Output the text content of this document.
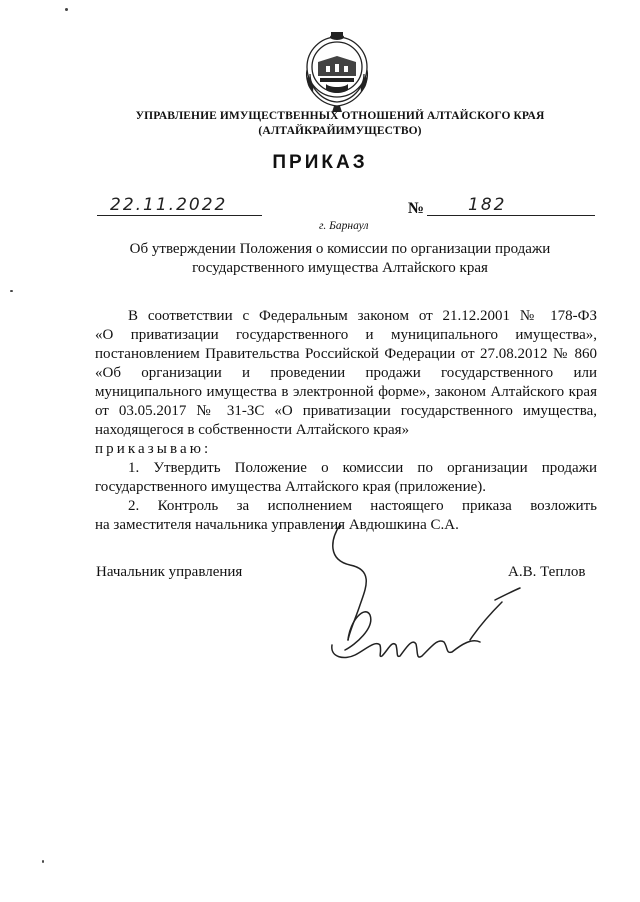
УПРАВЛЕНИЕ ИМУЩЕСТВЕННЫХ ОТНОШЕНИЙ АЛТАЙСКОГО КРАЯ
(АЛТАЙКРАЙИМУЩЕСТВО)
ПРИКАЗ
22.11.2022	№	182
г. Барнаул
Об утверждении Положения о комиссии по организации продажи
государственного имущества Алтайского края
В соответствии с Федеральным законом от 21.12.2001 № 178-ФЗ
«О приватизации государственного и муниципального имущества»,
постановлением Правительства Российской Федерации от 27.08.2012 № 860
«Об организации и проведении продажи государственного или
муниципального имущества в электронной форме», законом Алтайского края
от 03.05.2017 № 31-ЗС «О приватизации государственного имущества,
находящегося в собственности Алтайского края»
приказываю:
1. Утвердить Положение о комиссии по организации продажи
государственного имущества Алтайского края (приложение).
2. Контроль за исполнением настоящего приказа возложить
на заместителя начальника управления Авдюшкина С.А.
Начальник управления	А.В. Теплов
